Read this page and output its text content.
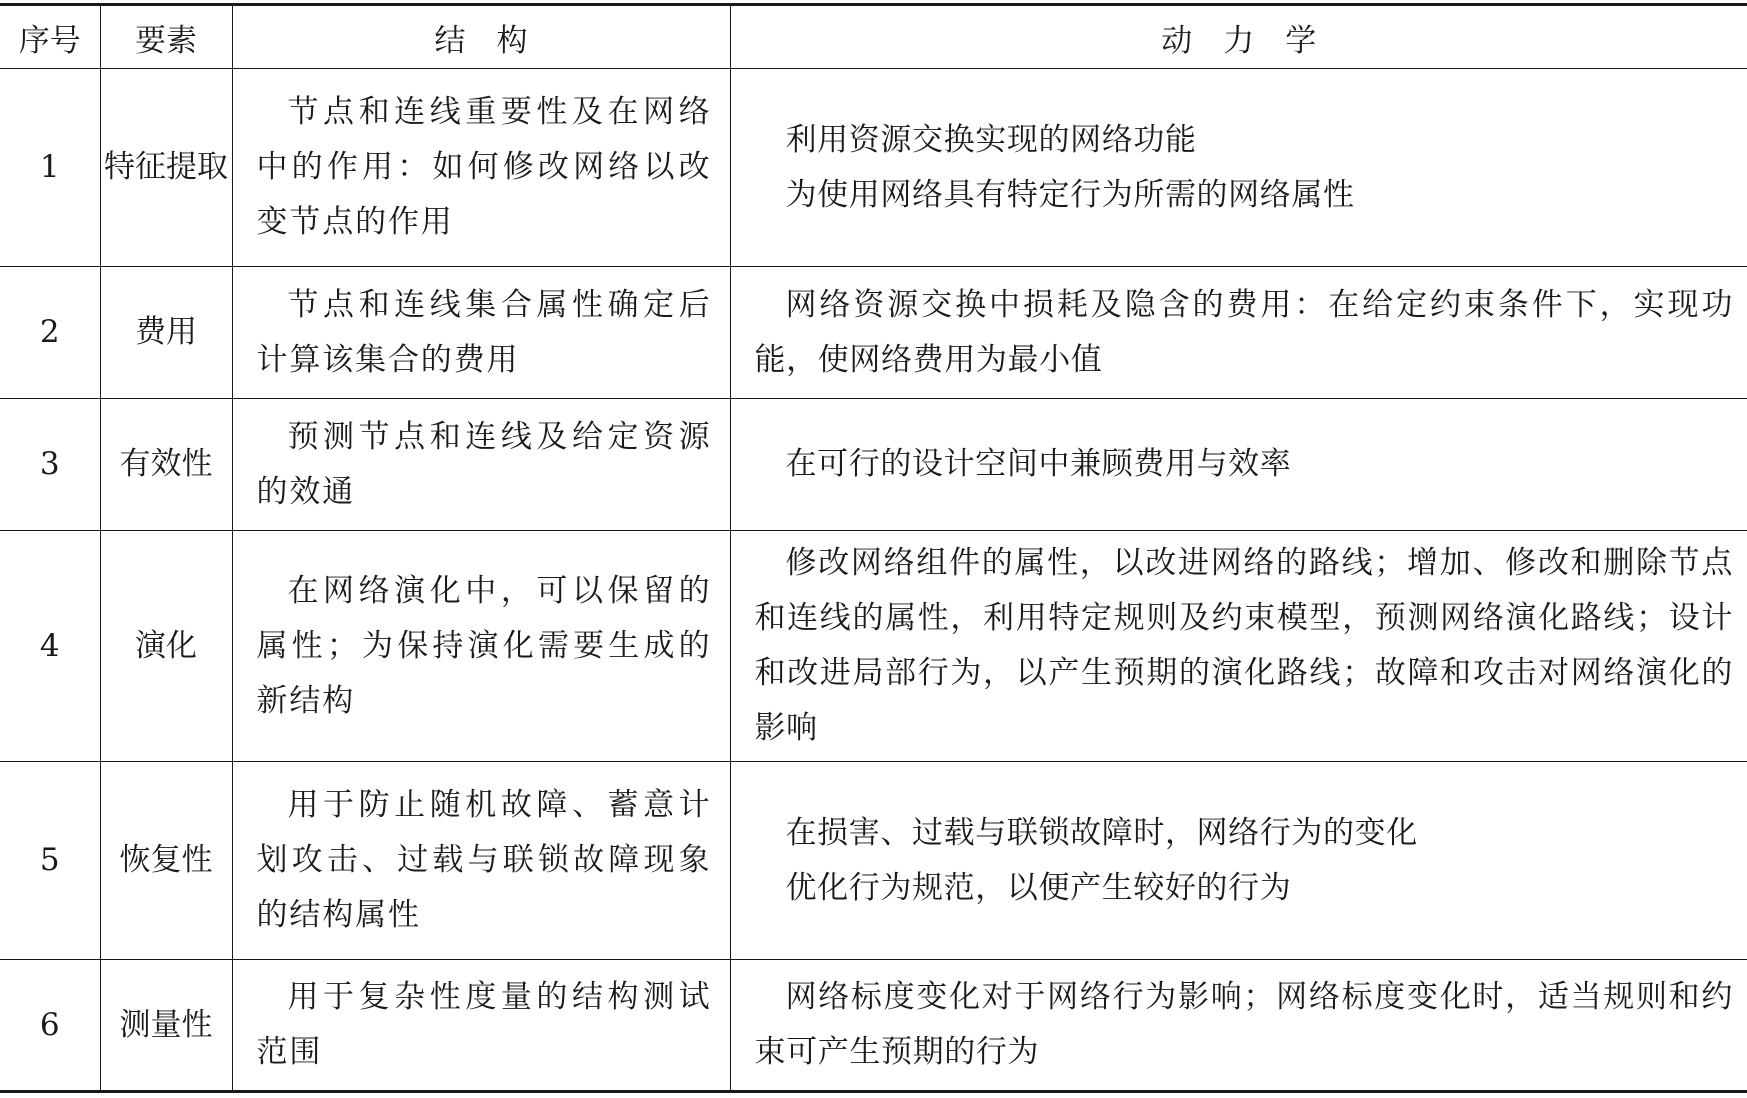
序号	要素	结　构	动　力　学
1	特征提取	节点和连线重要性及在网络中的作用：如何修改网络以改变节点的作用	利用资源交换实现的网络功能
为使用网络具有特定行为所需的网络属性

2	费用	节点和连线集合属性确定后计算该集合的费用	网络资源交换中损耗及隐含的费用：在给定约束条件下，实现功能，使网络费用为最小值
3	有效性	预测节点和连线及给定资源的效通	在可行的设计空间中兼顾费用与效率
4	演化	在网络演化中，可以保留的属性；为保持演化需要生成的新结构	修改网络组件的属性，以改进网络的路线；增加、修改和删除节点和连线的属性，利用特定规则及约束模型，预测网络演化路线；设计和改进局部行为，以产生预期的演化路线；故障和攻击对网络演化的影响
5	恢复性	用于防止随机故障、蓄意计划攻击、过载与联锁故障现象的结构属性	在损害、过载与联锁故障时，网络行为的变化
优化行为规范，以便产生较好的行为

6	测量性	用于复杂性度量的结构测试范围	网络标度变化对于网络行为影响；网络标度变化时，适当规则和约束可产生预期的行为
